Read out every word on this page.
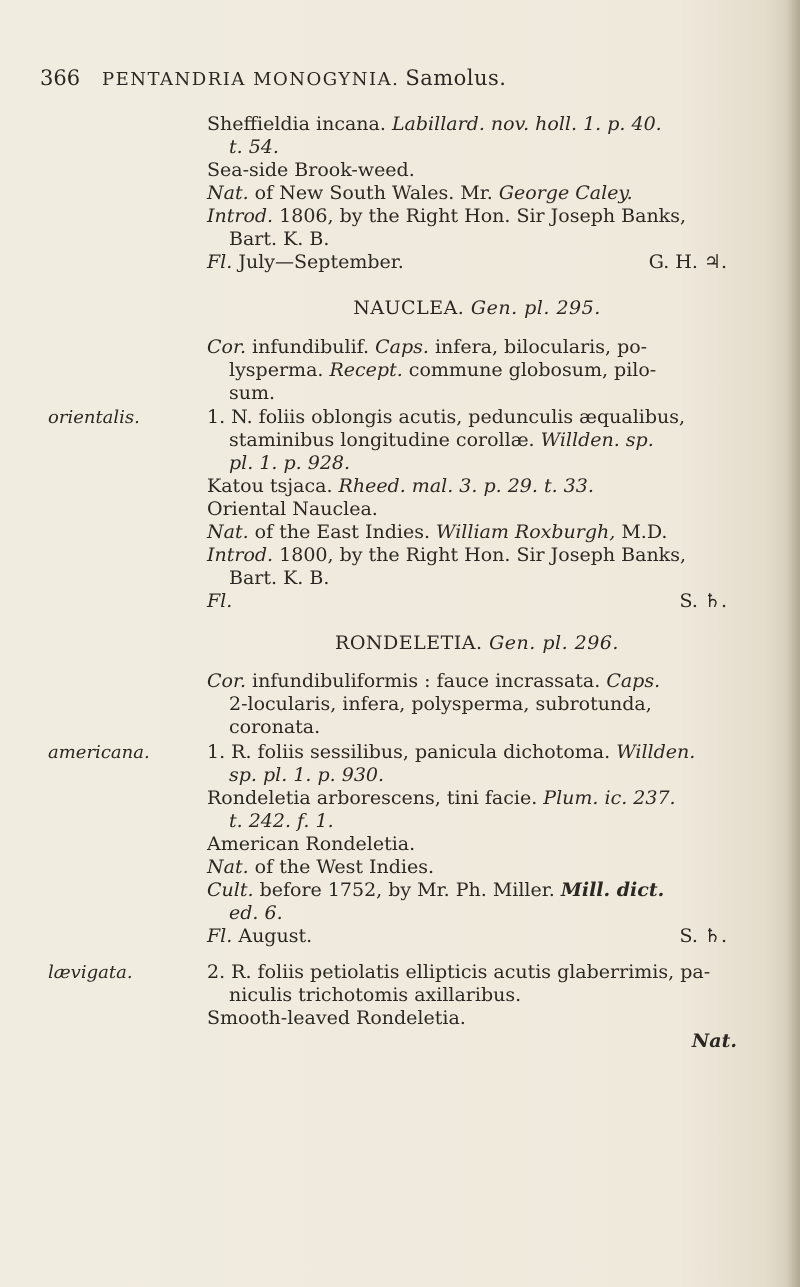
366 PENTANDRIA MONOGYNIA. Samolus.
Sheffieldia incana. Labillard. nov. holl. 1. p. 40.
t. 54.
Sea-side Brook-weed.
Nat. of New South Wales. Mr. George Caley.
Introd. 1806, by the Right Hon. Sir Joseph Banks,
Bart. K. B.
Fl. July—September.	G. H. ♃.
NAUCLEA. Gen. pl. 295.
Cor. infundibulif. Caps. infera, bilocularis, po-
lysperma. Recept. commune globosum, pilo-
sum.
orientalis.	1. N. foliis oblongis acutis, pedunculis æqualibus,
staminibus longitudine corollæ. Willden. sp.
pl. 1. p. 928.
Katou tsjaca. Rheed. mal. 3. p. 29. t. 33.
Oriental Nauclea.
Nat. of the East Indies. William Roxburgh, M.D.
Introd. 1800, by the Right Hon. Sir Joseph Banks,
Bart. K. B.
Fl.	S. ♄.
RONDELETIA. Gen. pl. 296.
Cor. infundibuliformis : fauce incrassata. Caps.
2-locularis, infera, polysperma, subrotunda,
coronata.
americana.	1. R. foliis sessilibus, panicula dichotoma. Willden.
sp. pl. 1. p. 930.
Rondeletia arborescens, tini facie. Plum. ic. 237.
t. 242. f. 1.
American Rondeletia.
Nat. of the West Indies.
Cult. before 1752, by Mr. Ph. Miller. Mill. dict.
ed. 6.
Fl. August.	S. ♄.
lævigata.	2. R. foliis petiolatis ellipticis acutis glaberrimis, pa-
niculis trichotomis axillaribus.
Smooth-leaved Rondeletia.
Nat.
